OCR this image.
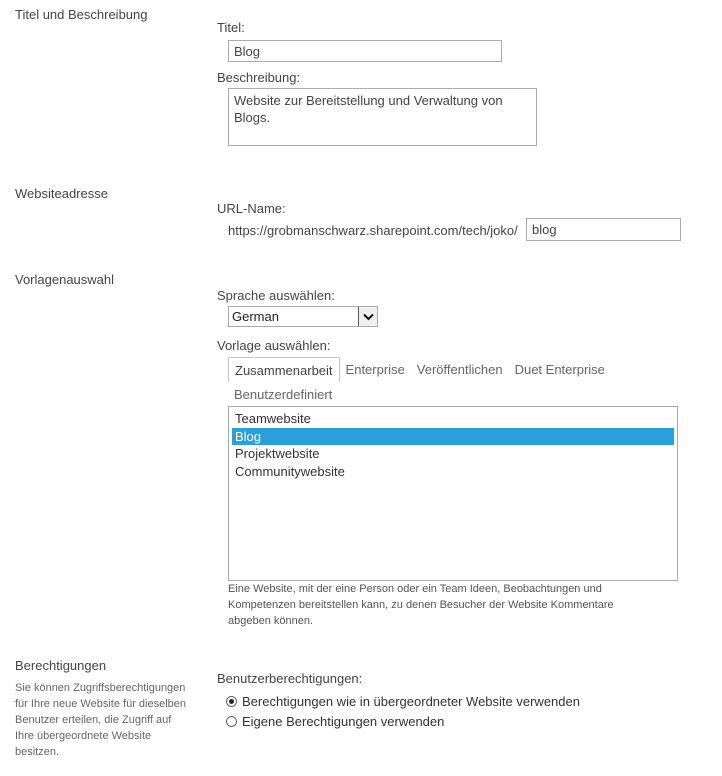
Titel und Beschreibung
Titel:
Blog
Beschreibung:
Website zur Bereitstellung und Verwaltung von Blogs.
Websiteadresse
URL-Name:
https://grobmanschwarz.sharepoint.com/tech/joko/
blog
Vorlagenauswahl
Sprache auswählen:
German
Vorlage auswählen:
Zusammenarbeit	Enterprise Veröffentlichen Duet Enterprise
Benutzerdefiniert
Teamwebsite
Blog
Projektwebsite
Communitywebsite
Eine Website, mit der eine Person oder ein Team Ideen, Beobachtungen und Kompetenzen bereitstellen kann, zu denen Besucher der Website Kommentare abgeben können.
Berechtigungen
Sie können Zugriffsberechtigungen für Ihre neue Website für dieselben Benutzer erteilen, die Zugriff auf Ihre übergeordnete Website besitzen.
Benutzerberechtigungen:
Berechtigungen wie in übergeordneter Website verwenden
Eigene Berechtigungen verwenden
